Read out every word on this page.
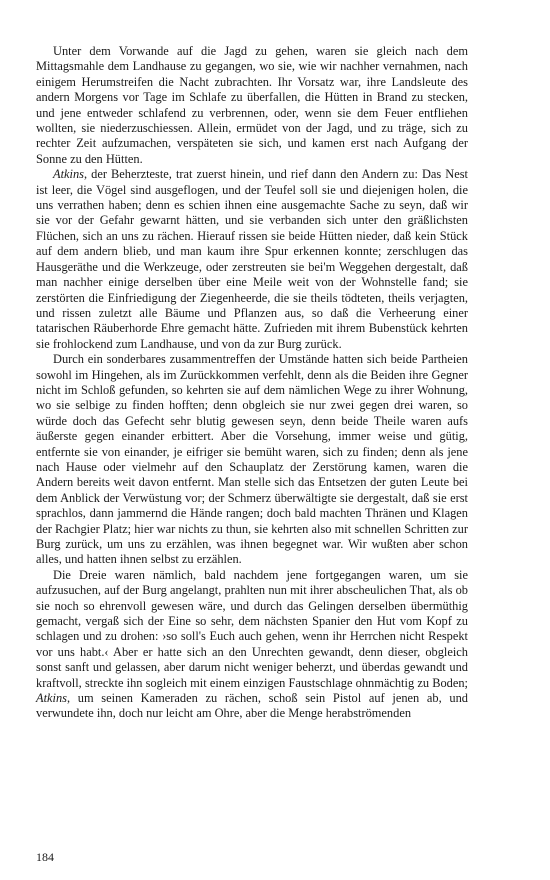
Unter dem Vorwande auf die Jagd zu gehen, waren sie gleich nach dem Mittagsmahle dem Landhause zu gegangen, wo sie, wie wir nachher vernahmen, nach einigem Herumstreifen die Nacht zubrachten. Ihr Vorsatz war, ihre Landsleute des andern Morgens vor Tage im Schlafe zu überfallen, die Hütten in Brand zu stecken, und jene entweder schlafend zu verbrennen, oder, wenn sie dem Feuer entfliehen wollten, sie niederzuschiessen. Allein, ermüdet von der Jagd, und zu träge, sich zu rechter Zeit aufzumachen, verspäteten sie sich, und kamen erst nach Aufgang der Sonne zu den Hütten.

Atkins, der Beherzteste, trat zuerst hinein, und rief dann den Andern zu: Das Nest ist leer, die Vögel sind ausgeflogen, und der Teufel soll sie und diejenigen holen, die uns verrathen haben; denn es schien ihnen eine ausgemachte Sache zu seyn, daß wir sie vor der Gefahr gewarnt hätten, und sie verbanden sich unter den gräßlichsten Flüchen, sich an uns zu rächen. Hierauf rissen sie beide Hütten nieder, daß kein Stück auf dem andern blieb, und man kaum ihre Spur erkennen konnte; zerschlugen das Hausgeräthe und die Werkzeuge, oder zerstreuten sie bei'm Weggehen dergestalt, daß man nachher einige derselben über eine Meile weit von der Wohnstelle fand; sie zerstörten die Einfriedigung der Ziegenheerde, die sie theils tödteten, theils verjagten, und rissen zuletzt alle Bäume und Pflanzen aus, so daß die Verheerung einer tatarischen Räuberhorde Ehre gemacht hätte. Zufrieden mit ihrem Bubenstück kehrten sie frohlockend zum Landhause, und von da zur Burg zurück.

Durch ein sonderbares zusammentreffen der Umstände hatten sich beide Partheien sowohl im Hingehen, als im Zurückkommen verfehlt, denn als die Beiden ihre Gegner nicht im Schloß gefunden, so kehrten sie auf dem nämlichen Wege zu ihrer Wohnung, wo sie selbige zu finden hofften; denn obgleich sie nur zwei gegen drei waren, so würde doch das Gefecht sehr blutig gewesen seyn, denn beide Theile waren aufs äußerste gegen einander erbittert. Aber die Vorsehung, immer weise und gütig, entfernte sie von einander, je eifriger sie bemüht waren, sich zu finden; denn als jene nach Hause oder vielmehr auf den Schauplatz der Zerstörung kamen, waren die Andern bereits weit davon entfernt. Man stelle sich das Entsetzen der guten Leute bei dem Anblick der Verwüstung vor; der Schmerz überwältigte sie dergestalt, daß sie erst sprachlos, dann jammernd die Hände rangen; doch bald machten Thränen und Klagen der Rachgier Platz; hier war nichts zu thun, sie kehrten also mit schnellen Schritten zur Burg zurück, um uns zu erzählen, was ihnen begegnet war. Wir wußten aber schon alles, und hatten ihnen selbst zu erzählen.

Die Dreie waren nämlich, bald nachdem jene fortgegangen waren, um sie aufzusuchen, auf der Burg angelangt, prahlten nun mit ihrer abscheulichen That, als ob sie noch so ehrenvoll gewesen wäre, und durch das Gelingen derselben übermüthig gemacht, vergaß sich der Eine so sehr, dem nächsten Spanier den Hut vom Kopf zu schlagen und zu drohen: ›so soll's Euch auch gehen, wenn ihr Herrchen nicht Respekt vor uns habt.‹ Aber er hatte sich an den Unrechten gewandt, denn dieser, obgleich sonst sanft und gelassen, aber darum nicht weniger beherzt, und überdas gewandt und kraftvoll, streckte ihn sogleich mit einem einzigen Faustschlage ohnmächtig zu Boden; Atkins, um seinen Kameraden zu rächen, schoß sein Pistol auf jenen ab, und verwundete ihn, doch nur leicht am Ohre, aber die Menge herabströmenden

184
